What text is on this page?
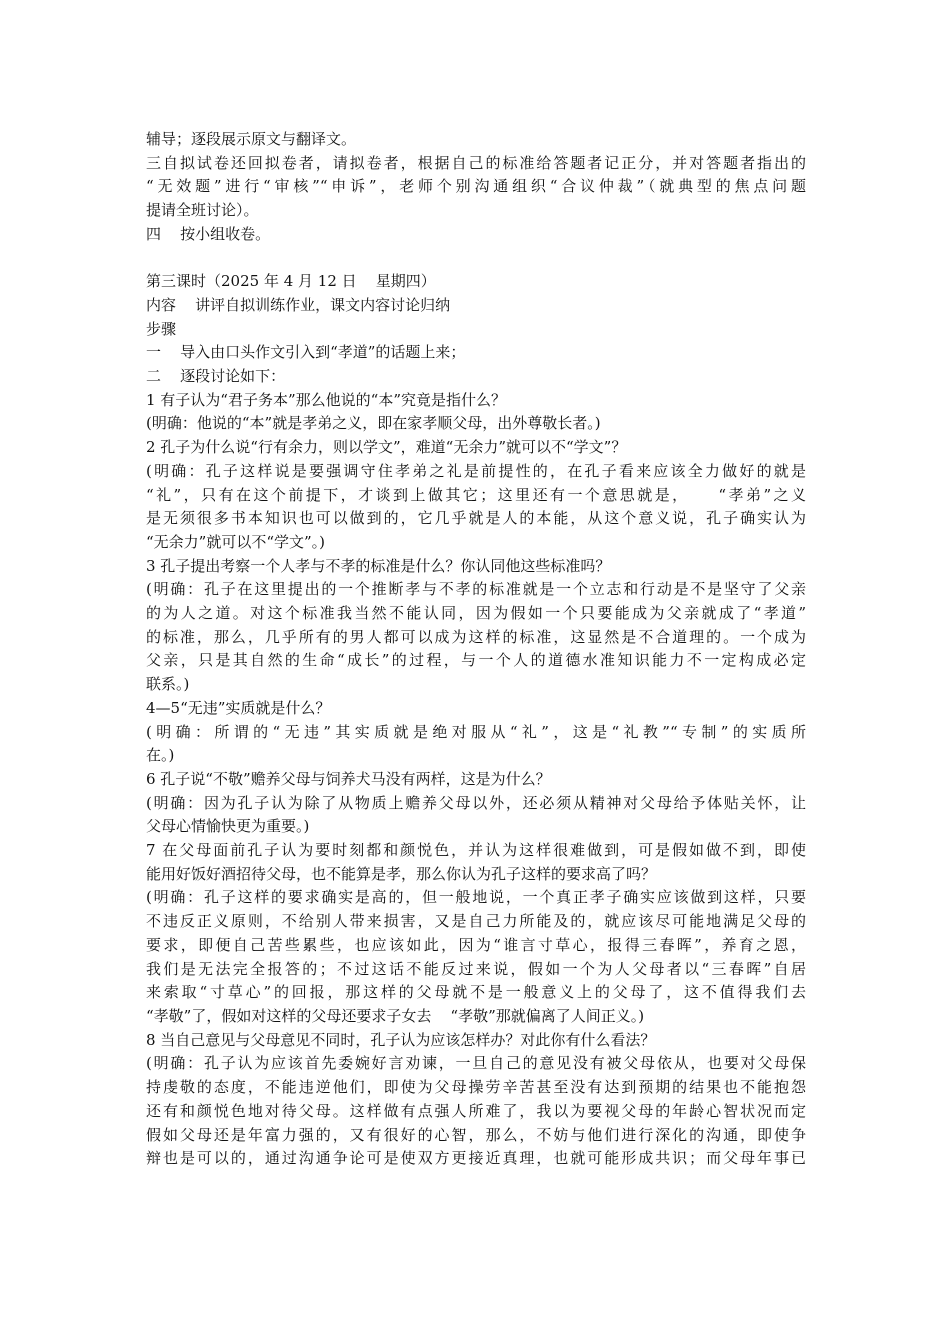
辅导；逐段展示原文与翻译文。
三自拟试卷还回拟卷者，请拟卷者，根据自己的标准给答题者记正分，并对答题者指出的
“无效题”进行“审核”“申诉”，老师个别沟通组织“合议仲裁”（就典型的焦点问题
提请全班讨论）。
四    按小组收卷。
第三课时（2025 年 4 月 12 日    星期四）
内容    讲评自拟训练作业，课文内容讨论归纳
步骤
一    导入由口头作文引入到“孝道”的话题上来；
二    逐段讨论如下：
1 有子认为“君子务本”那么他说的“本”究竟是指什么？
(明确：他说的“本”就是孝弟之义，即在家孝顺父母，出外尊敬长者。)
2 孔子为什么说“行有余力，则以学文”，难道“无余力”就可以不“学文”？
(明确：孔子这样说是要强调守住孝弟之礼是前提性的，在孔子看来应该全力做好的就是
“礼”，只有在这个前提下，才谈到上做其它；这里还有一个意思就是，    “孝弟”之义
是无须很多书本知识也可以做到的，它几乎就是人的本能，从这个意义说，孔子确实认为
“无余力”就可以不“学文”。)
3 孔子提出考察一个人孝与不孝的标准是什么？你认同他这些标准吗？
(明确：孔子在这里提出的一个推断孝与不孝的标准就是一个立志和行动是不是坚守了父亲
的为人之道。对这个标准我当然不能认同，因为假如一个只要能成为父亲就成了“孝道”
的标准，那么，几乎所有的男人都可以成为这样的标准，这显然是不合道理的。一个成为
父亲，只是其自然的生命“成长”的过程，与一个人的道德水准知识能力不一定构成必定
联系。)
4—5“无违”实质就是什么？
(明确：所谓的“无违”其实质就是绝对服从“礼”，这是“礼教”“专制”的实质所
在。)
6 孔子说“不敬”赡养父母与饲养犬马没有两样，这是为什么？
(明确：因为孔子认为除了从物质上赡养父母以外，还必须从精神对父母给予体贴关怀，让
父母心情愉快更为重要。)
7 在父母面前孔子认为要时刻都和颜悦色，并认为这样很难做到，可是假如做不到，即使
能用好饭好酒招待父母，也不能算是孝，那么你认为孔子这样的要求高了吗？
(明确：孔子这样的要求确实是高的，但一般地说，一个真正孝子确实应该做到这样，只要
不违反正义原则，不给别人带来损害，又是自己力所能及的，就应该尽可能地满足父母的
要求，即便自己苦些累些，也应该如此，因为“谁言寸草心，报得三春晖”，养育之恩，
我们是无法完全报答的；不过这话不能反过来说，假如一个为人父母者以“三春晖”自居
来索取“寸草心”的回报，那这样的父母就不是一般意义上的父母了，这不值得我们去
“孝敬”了，假如对这样的父母还要求子女去    “孝敬”那就偏离了人间正义。)
8 当自己意见与父母意见不同时，孔子认为应该怎样办？对此你有什么看法？
(明确：孔子认为应该首先委婉好言劝谏，一旦自己的意见没有被父母依从，也要对父母保
持虔敬的态度，不能违逆他们，即使为父母操劳辛苦甚至没有达到预期的结果也不能抱怨
还有和颜悦色地对待父母。这样做有点强人所难了，我以为要视父母的年龄心智状况而定
假如父母还是年富力强的，又有很好的心智，那么，不妨与他们进行深化的沟通，即使争
辩也是可以的，通过沟通争论可是使双方更接近真理，也就可能形成共识；而父母年事已
